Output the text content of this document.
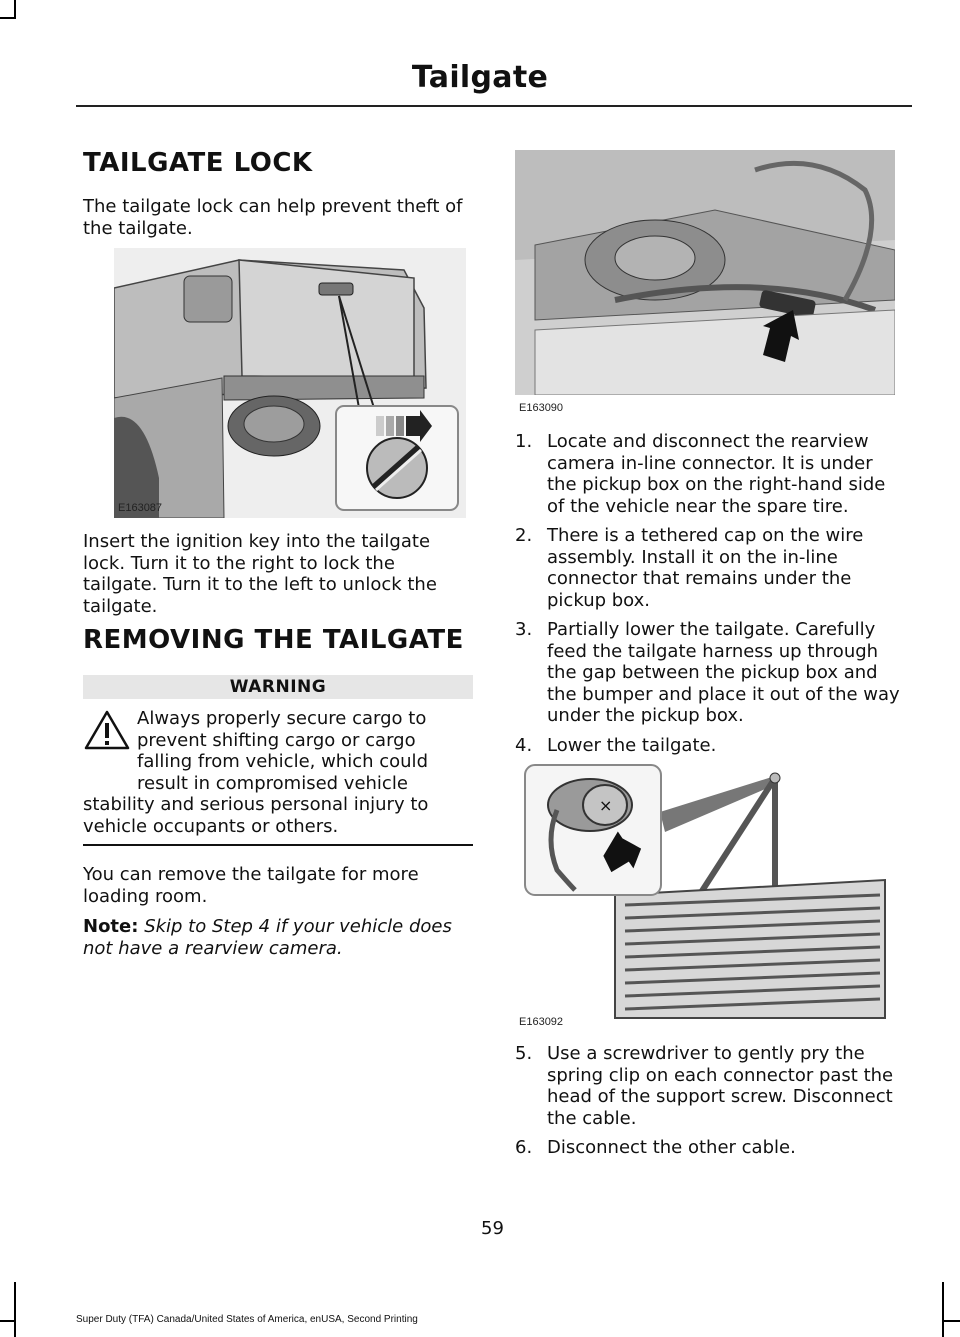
Tailgate
TAILGATE LOCK
The tailgate lock can help prevent theft of the tailgate.
E163087
Insert the ignition key into the tailgate lock. Turn it to the right to lock the tailgate. Turn it to the left to unlock the tailgate.
REMOVING THE TAILGATE
WARNING
Always properly secure cargo to prevent shifting cargo or cargo falling from vehicle, which could result in compromised vehicle stability and serious personal injury to vehicle occupants or others.
You can remove the tailgate for more loading room.
Note: Skip to Step 4 if your vehicle does not have a rearview camera.
E163090
1. Locate and disconnect the rearview camera in-line connector. It is under the pickup box on the right-hand side of the vehicle near the spare tire.
2. There is a tethered cap on the wire assembly. Install it on the in-line connector that remains under the pickup box.
3. Partially lower the tailgate. Carefully feed the tailgate harness up through the gap between the pickup box and the bumper and place it out of the way under the pickup box.
4. Lower the tailgate.
×
E163092
5. Use a screwdriver to gently pry the spring clip on each connector past the head of the support screw. Disconnect the cable.
6. Disconnect the other cable.
59
Super Duty (TFA) Canada/United States of America, enUSA, Second Printing
